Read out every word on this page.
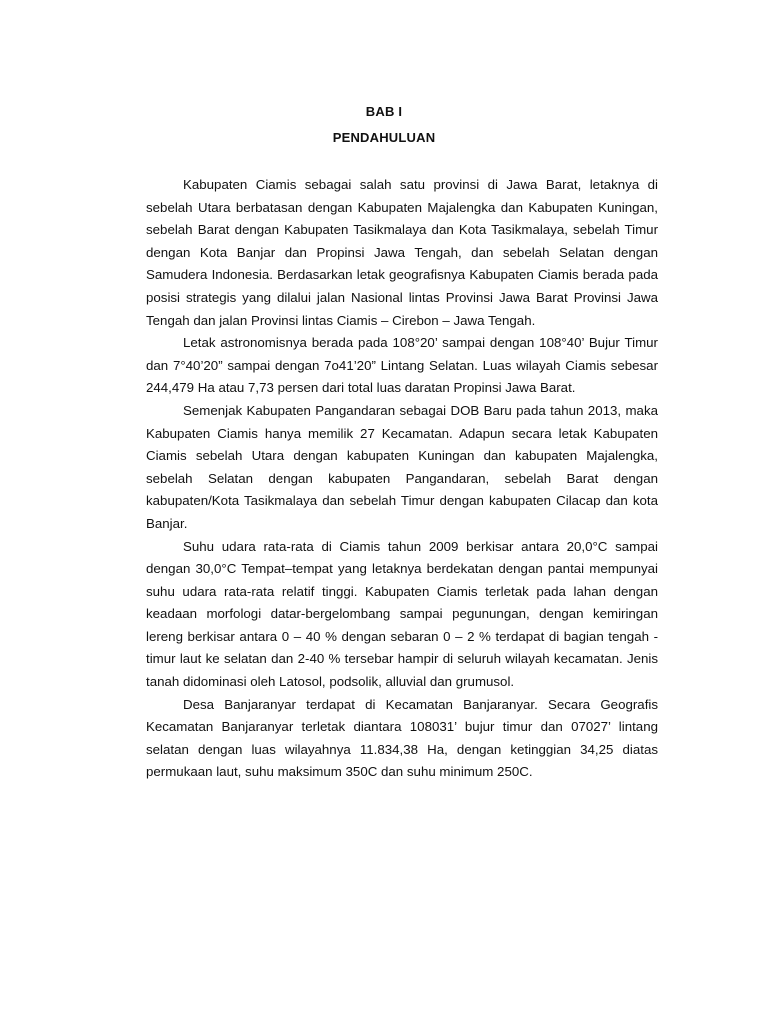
BAB I
PENDAHULUAN

Kabupaten Ciamis sebagai salah satu provinsi di Jawa Barat, letaknya di sebelah Utara berbatasan dengan Kabupaten Majalengka dan Kabupaten Kuningan, sebelah Barat dengan Kabupaten Tasikmalaya dan Kota Tasikmalaya, sebelah Timur dengan Kota Banjar dan Propinsi Jawa Tengah, dan sebelah Selatan dengan Samudera Indonesia. Berdasarkan letak geografisnya Kabupaten Ciamis berada pada posisi strategis yang dilalui jalan Nasional lintas Provinsi Jawa Barat Provinsi Jawa Tengah dan jalan Provinsi lintas Ciamis – Cirebon – Jawa Tengah.

Letak astronomisnya berada pada 108°20’ sampai dengan 108°40’ Bujur Timur dan 7°40’20” sampai dengan 7o41’20” Lintang Selatan. Luas wilayah Ciamis sebesar 244,479 Ha atau 7,73 persen dari total luas daratan Propinsi Jawa Barat.

Semenjak Kabupaten Pangandaran sebagai DOB Baru pada tahun 2013, maka Kabupaten Ciamis hanya memilik 27 Kecamatan. Adapun secara letak Kabupaten Ciamis sebelah Utara dengan kabupaten Kuningan dan kabupaten Majalengka, sebelah Selatan dengan kabupaten Pangandaran, sebelah Barat dengan kabupaten/Kota Tasikmalaya dan sebelah Timur dengan kabupaten Cilacap dan kota Banjar.

Suhu udara rata-rata di Ciamis tahun 2009 berkisar antara 20,0°C sampai dengan 30,0°C Tempat–tempat yang letaknya berdekatan dengan pantai mempunyai suhu udara rata-rata relatif tinggi. Kabupaten Ciamis terletak pada lahan dengan keadaan morfologi datar-bergelombang sampai pegunungan, dengan kemiringan lereng berkisar antara 0 – 40 % dengan sebaran 0 – 2 % terdapat di bagian tengah - timur laut ke selatan dan 2-40 % tersebar hampir di seluruh wilayah kecamatan. Jenis tanah didominasi oleh Latosol, podsolik, alluvial dan grumusol.

Desa Banjaranyar terdapat di Kecamatan Banjaranyar. Secara Geografis Kecamatan Banjaranyar terletak diantara 108031’ bujur timur dan 07027’ lintang selatan dengan luas wilayahnya 11.834,38 Ha, dengan ketinggian 34,25 diatas permukaan laut, suhu maksimum 350C dan suhu minimum 250C.
